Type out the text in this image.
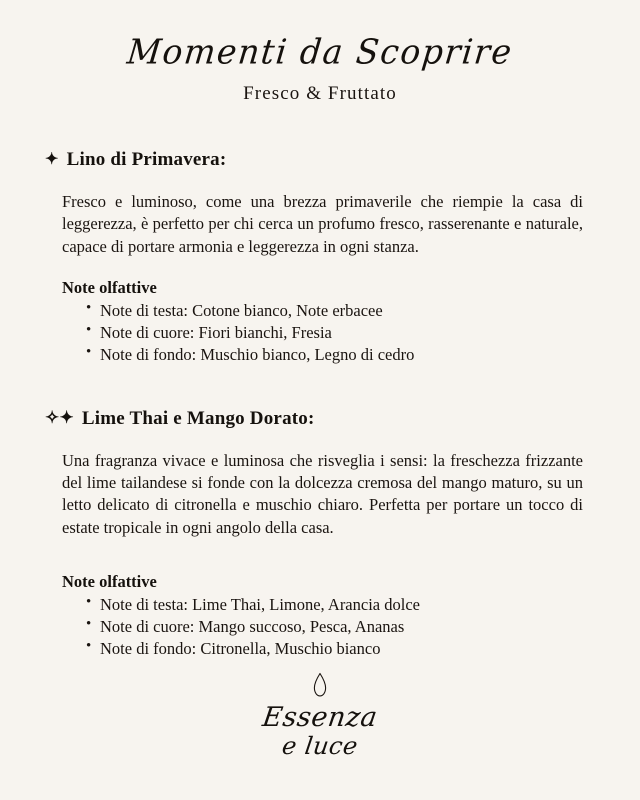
Momenti da Scoprire
Fresco & Fruttato
✦ Lino di Primavera:

Fresco e luminoso, come una brezza primaverile che riempie la casa di leggerezza, è perfetto per chi cerca un profumo fresco, rasserenante e naturale, capace di portare armonia e leggerezza in ogni stanza.

Note olfattive
• Note di testa: Cotone bianco, Note erbacee
• Note di cuore: Fiori bianchi, Fresia
• Note di fondo: Muschio bianco, Legno di cedro
✧✦ Lime Thai e Mango Dorato:

Una fragranza vivace e luminosa che risveglia i sensi: la freschezza frizzante del lime tailandese si fonde con la dolcezza cremosa del mango maturo, su un letto delicato di citronella e muschio chiaro. Perfetta per portare un tocco di estate tropicale in ogni angolo della casa.

Note olfattive
• Note di testa: Lime Thai, Limone, Arancia dolce
• Note di cuore: Mango succoso, Pesca, Ananas
• Note di fondo: Citronella, Muschio bianco
Essenza
e luce
